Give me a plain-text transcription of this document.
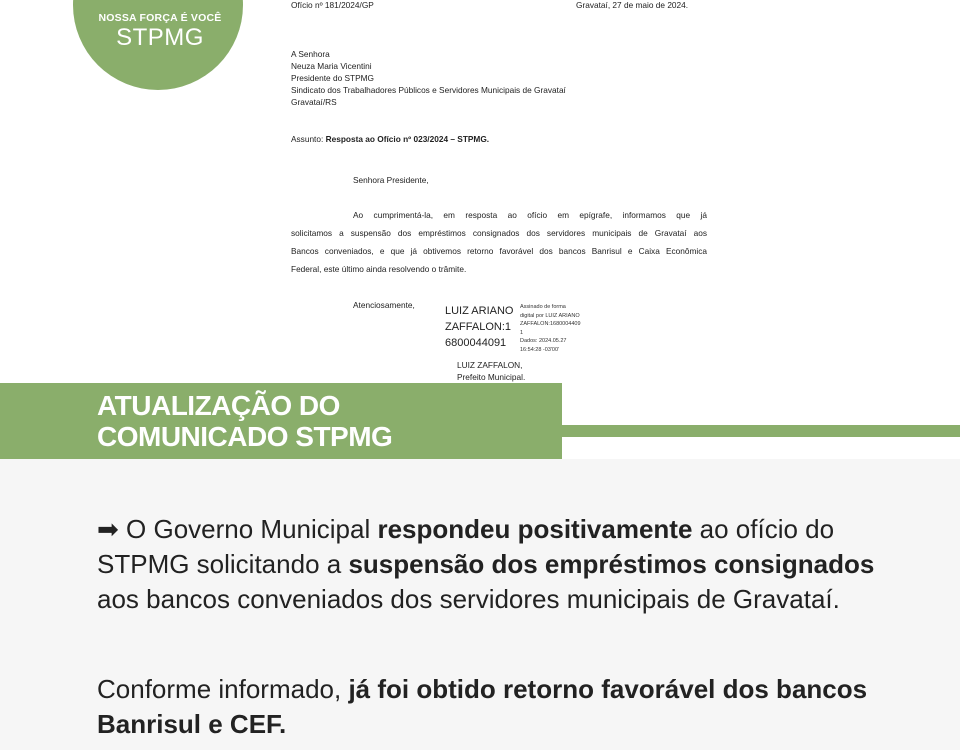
NOSSA FORÇA É VOCÊ
STPMG
Ofício nº 181/2024/GP	Gravataí, 27 de maio de 2024.
A Senhora
Neuza Maria Vicentini
Presidente do STPMG
Sindicato dos Trabalhadores Públicos e Servidores Municipais de Gravataí
Gravataí/RS
Assunto: Resposta ao Ofício nº 023/2024 – STPMG.
Senhora Presidente,
Ao cumprimentá-la, em resposta ao ofício em epígrafe, informamos que já
solicitamos a suspensão dos empréstimos consignados dos servidores municipais de Gravataí aos
Bancos conveniados, e que já obtivemos retorno favorável dos bancos Banrisul e Caixa Econômica
Federal, este último ainda resolvendo o trâmite.
Atenciosamente,	LUIZ ARIANO
ZAFFALON:1
6800044091
Assinado de forma
digital por LUIZ ARIANO
ZAFFALON:1680004409
1
Dados: 2024.05.27
16:54:28 -03'00'
LUIZ ZAFFALON,
Prefeito Municipal.
ATUALIZAÇÃO DO
COMUNICADO STPMG
➡ O Governo Municipal respondeu positivamente ao ofício do STPMG solicitando a suspensão dos empréstimos consignados aos bancos conveniados dos servidores municipais de Gravataí.
Conforme informado, já foi obtido retorno favorável dos bancos Banrisul e CEF.
